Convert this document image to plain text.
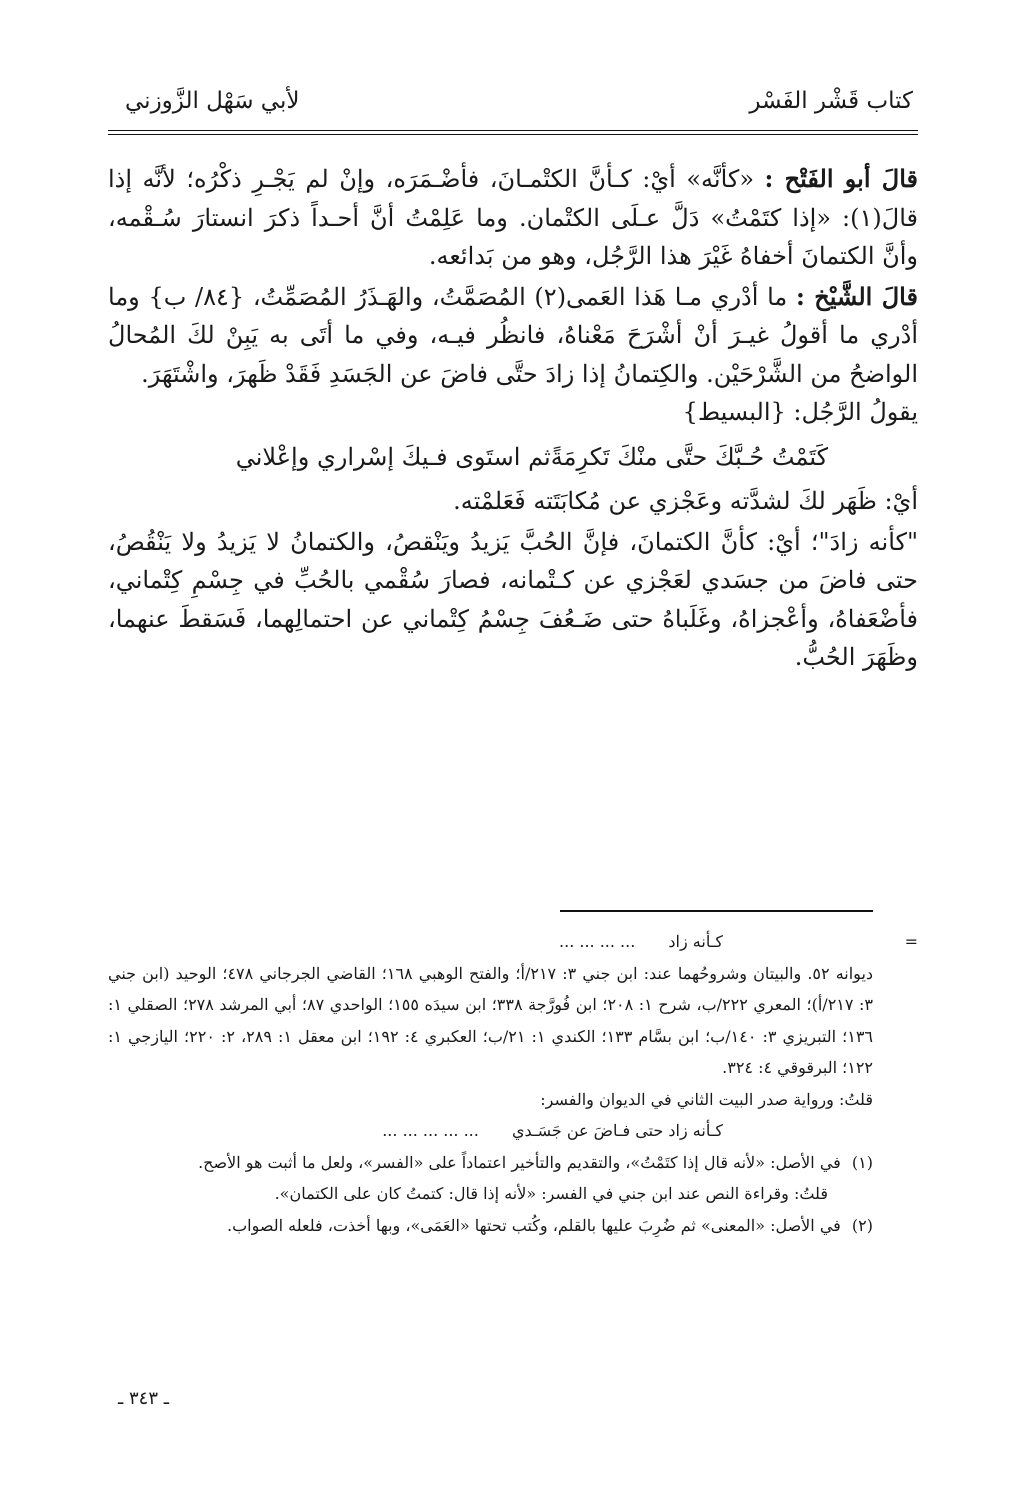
كتاب قَشْر الفَسْر
لأبي سَهْل الزَّوزني

قالَ أبو الفَتْح : «كأنَّه» أيْ: كـأنَّ الكتْمـانَ، فأضْـمَرَه، وإنْ لم يَجْـرِ ذكْرُه؛ لأنَّه إذا قالَ(١): «إذا كتَمْتُ» دَلَّ عـلَى الكتْمان. وما عَلِمْتُ أنَّ أحـداً ذكرَ انستارَ سُـقْمه، وأنَّ الكتمانَ أخفاهُ غَيْرَ هذا الرَّجُل، وهو من بَدائعه.

قالَ الشَّيْخ : ما أدْري مـا هَذا العَمى(٢) المُصَمَّتُ، والهَـذَرُ المُصَمِّتُ، {٨٤/ ب} وما أدْري ما أقولُ غيـرَ أنْ أشْرَحَ مَعْناهُ، فانظُر فيـه، وفي ما أتَى به يَبِنْ لكَ المُحالُ الواضحُ من الشَّرْحَيْن. والكِتمانُ إذا زادَ حتَّى فاضَ عن الجَسَدِ فَقَدْ ظَهرَ، واشْتَهَرَ.

يقولُ الرَّجُل: {البسيط}

كَتَمْتُ حُـبَّكَ حتَّى منْكَ تَكرِمَةً
ثم استَوى فـيكَ إسْراري وإعْلاني

أيْ: ظَهَر لكَ لشدَّته وعَجْزي عن مُكابَتَته فَعَلمْته.

"كأنه زادَ"؛ أيْ: كأنَّ الكتمانَ، فإنَّ الحُبَّ يَزيدُ ويَنْقصُ، والكتمانُ لا يَزيدُ ولا يَنْقُصُ، حتى فاضَ من جسَدي لعَجْزي عن كـتْمانه، فصارَ سُقْمي بالحُبِّ في جِسْمِ كِتْماني، فأضْعَفاهُ، وأعْجزاهُ، وغَلَباهُ حتى ضَـعُفَ جِسْمُ كِتْماني عن احتمالِهما، فَسَقطَ عنهما، وظَهَرَ الحُبُّ.

=

كـأنه زاد ... ... ... ...

ديوانه ٥٢. والبيتان وشروحُهما عند: ابن جني ٣: ٢١٧/أ؛ والفتح الوهبي ١٦٨؛ القاضي الجرجاني ٤٧٨؛ الوحيد (ابن جني ٣: ٢١٧/أ)؛ المعري ٢٢٢/ب، شرح ١: ٢٠٨؛ ابن فُورَّجة ٣٣٨؛ ابن سيدَه ١٥٥؛ الواحدي ٨٧؛ أبي المرشد ٢٧٨؛ الصقلي ١: ١٣٦؛ التبريزي ٣: ١٤٠/ب؛ ابن بسَّام ١٣٣؛ الكندي ١: ٢١/ب؛ العكبري ٤: ١٩٢؛ ابن معقل ١: ٢٨٩، ٢: ٢٢٠؛ اليازجي ١: ١٢٢؛ البرقوقي ٤: ٣٢٤.

قلتُ: ورواية صدر البيت الثاني في الديوان والفسر:

كـأنه زاد حتى فـاضَ عن جَسَـدي ... ... ... ... ...

(١) في الأصل: «لأنه قال إذا كتَمْتُ»، والتقديم والتأخير اعتماداً على «الفسر»، ولعل ما أثبت هو الأصح.

قلتُ: وقراءة النص عند ابن جني في الفسر: «لأنه إذا قال: كتمتُ كان على الكتمان».

(٢) في الأصل: «المعنى» ثم ضُرِبَ عليها بالقلم، وكُتب تحتها «العَمَى»، وبها أخذت، فلعله الصواب.

ـ ٣٤٣ ـ
